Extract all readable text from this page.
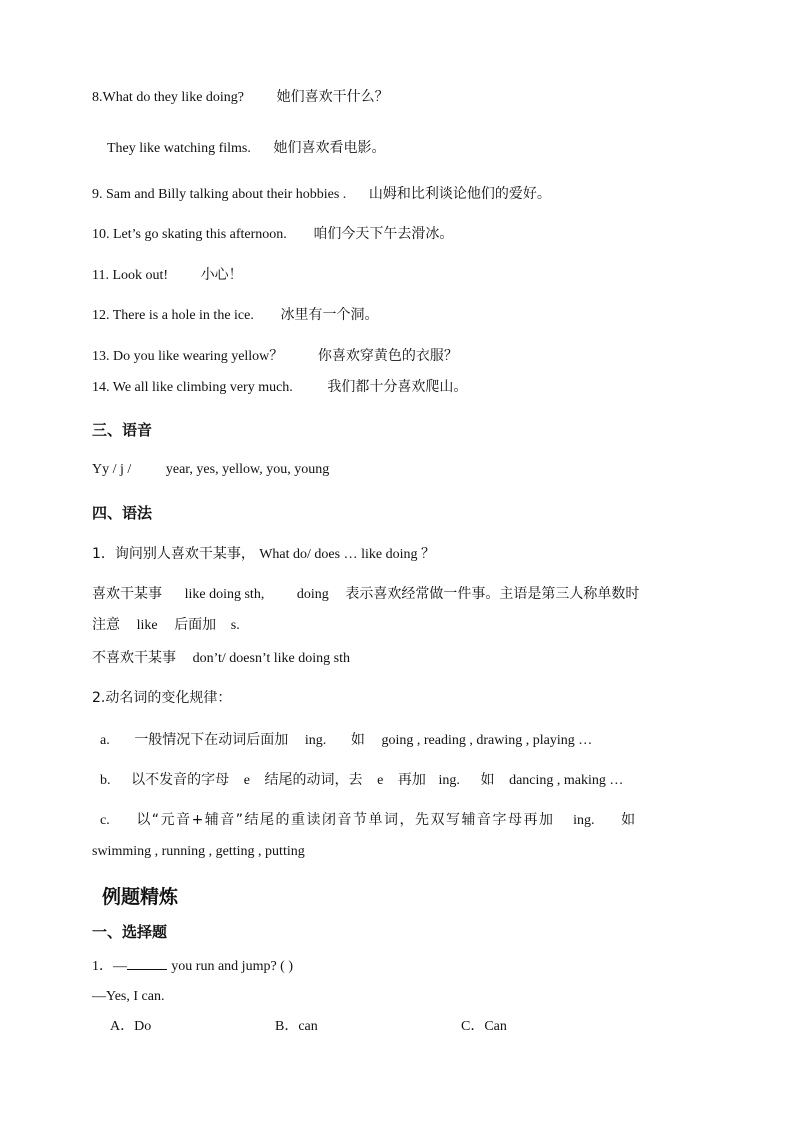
8.What do they like doing? 她们喜欢干什么？
They like watching films. 她们喜欢看电影。
9. Sam and Billy talking about their hobbies . 山姆和比利谈论他们的爱好。
10. Let’s go skating this afternoon. 咱们今天下午去滑冰。
11. Look out! 小心！
12. There is a hole in the ice. 冰里有一个洞。
13. Do you like wearing yellow？ 你喜欢穿黄色的衣服？
14. We all like climbing very much. 我们都十分喜欢爬山。
三、语音
Yy / j / year, yes, yellow, you, young
四、语法
1．询问别人喜欢干某事， What do/ does … like doing ？
喜欢干某事 like doing sth, doing 表示喜欢经常做一件事。主语是第三人称单数时
注意 like 后面加 s.
不喜欢干某事 don’t/ doesn’t like doing sth
2.动名词的变化规律：
a. 一般情况下在动词后面加 ing. 如 going , reading , drawing , playing …
b. 以不发音的字母 e 结尾的动词，去 e 再加 ing. 如 dancing , making …
c. 以“元音+辅音”结尾的重读闭音节单词，先双写辅音字母再加 ing. 如
swimming , running , getting , putting
例题精炼
一、选择题
1．—	you run and jump? ( )
—Yes, I can.
A．Do	B．can	C．Can
